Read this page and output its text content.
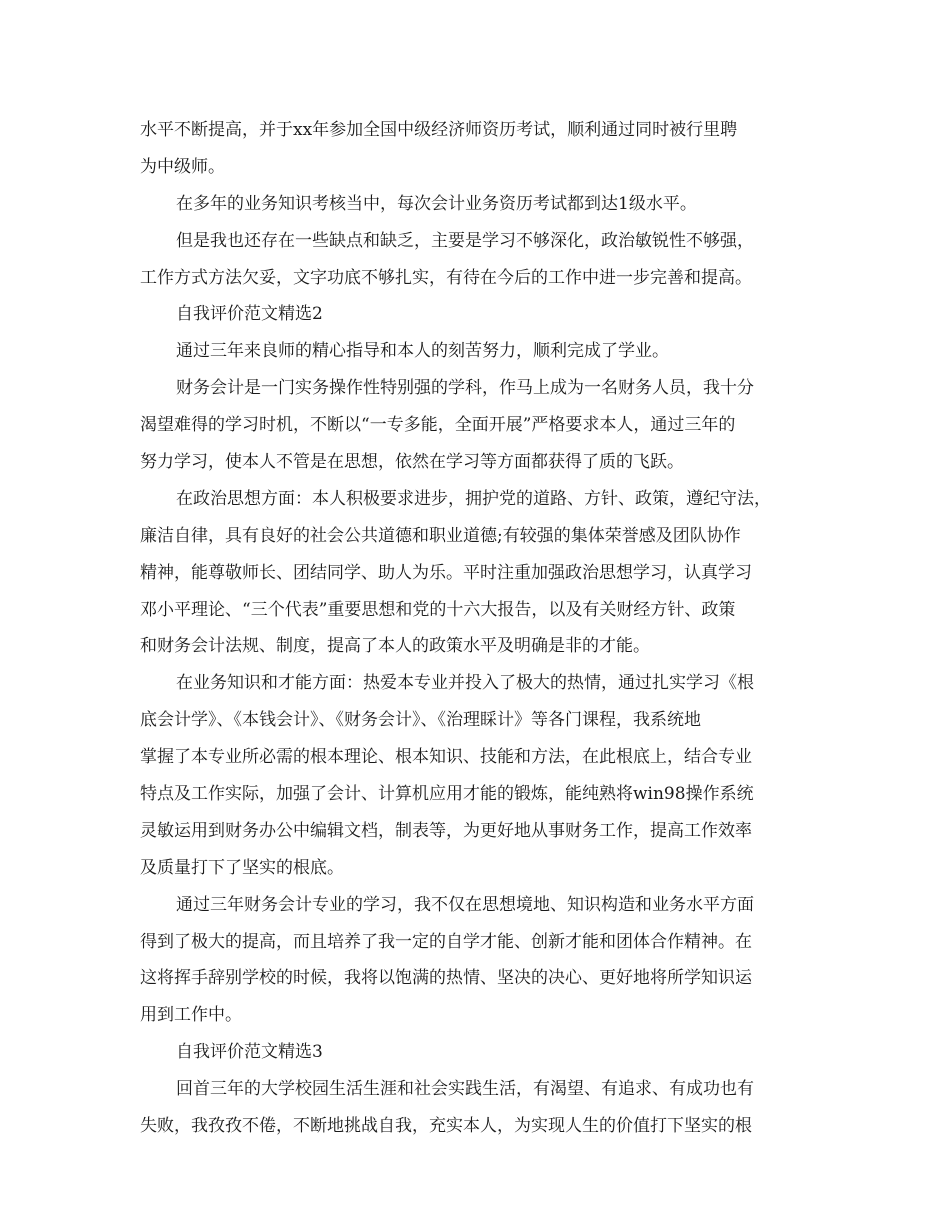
水平不断提高，并于xx年参加全国中级经济师资历考试，顺利通过同时被行里聘
为中级师。
在多年的业务知识考核当中，每次会计业务资历考试都到达1级水平。
但是我也还存在一些缺点和缺乏，主要是学习不够深化，政治敏锐性不够强，
工作方式方法欠妥，文字功底不够扎实，有待在今后的工作中进一步完善和提高。
自我评价范文精选2
通过三年来良师的精心指导和本人的刻苦努力，顺利完成了学业。
财务会计是一门实务操作性特别强的学科，作马上成为一名财务人员，我十分
渴望难得的学习时机，不断以“一专多能，全面开展”严格要求本人，通过三年的
努力学习，使本人不管是在思想，依然在学习等方面都获得了质的飞跃。
在政治思想方面：本人积极要求进步，拥护党的道路、方针、政策，遵纪守法，
廉洁自律，具有良好的社会公共道德和职业道德;有较强的集体荣誉感及团队协作
精神，能尊敬师长、团结同学、助人为乐。平时注重加强政治思想学习，认真学习
邓小平理论、“三个代表”重要思想和党的十六大报告，以及有关财经方针、政策
和财务会计法规、制度，提高了本人的政策水平及明确是非的才能。
在业务知识和才能方面：热爱本专业并投入了极大的热情，通过扎实学习《根
底会计学》、《本钱会计》、《财务会计》、《治理睬计》等各门课程，我系统地
掌握了本专业所必需的根本理论、根本知识、技能和方法，在此根底上，结合专业
特点及工作实际，加强了会计、计算机应用才能的锻炼，能纯熟将win98操作系统
灵敏运用到财务办公中编辑文档，制表等，为更好地从事财务工作，提高工作效率
及质量打下了坚实的根底。
通过三年财务会计专业的学习，我不仅在思想境地、知识构造和业务水平方面
得到了极大的提高，而且培养了我一定的自学才能、创新才能和团体合作精神。在
这将挥手辞别学校的时候，我将以饱满的热情、坚决的决心、更好地将所学知识运
用到工作中。
自我评价范文精选3
回首三年的大学校园生活生涯和社会实践生活，有渴望、有追求、有成功也有
失败，我孜孜不倦，不断地挑战自我，充实本人，为实现人生的价值打下坚实的根
